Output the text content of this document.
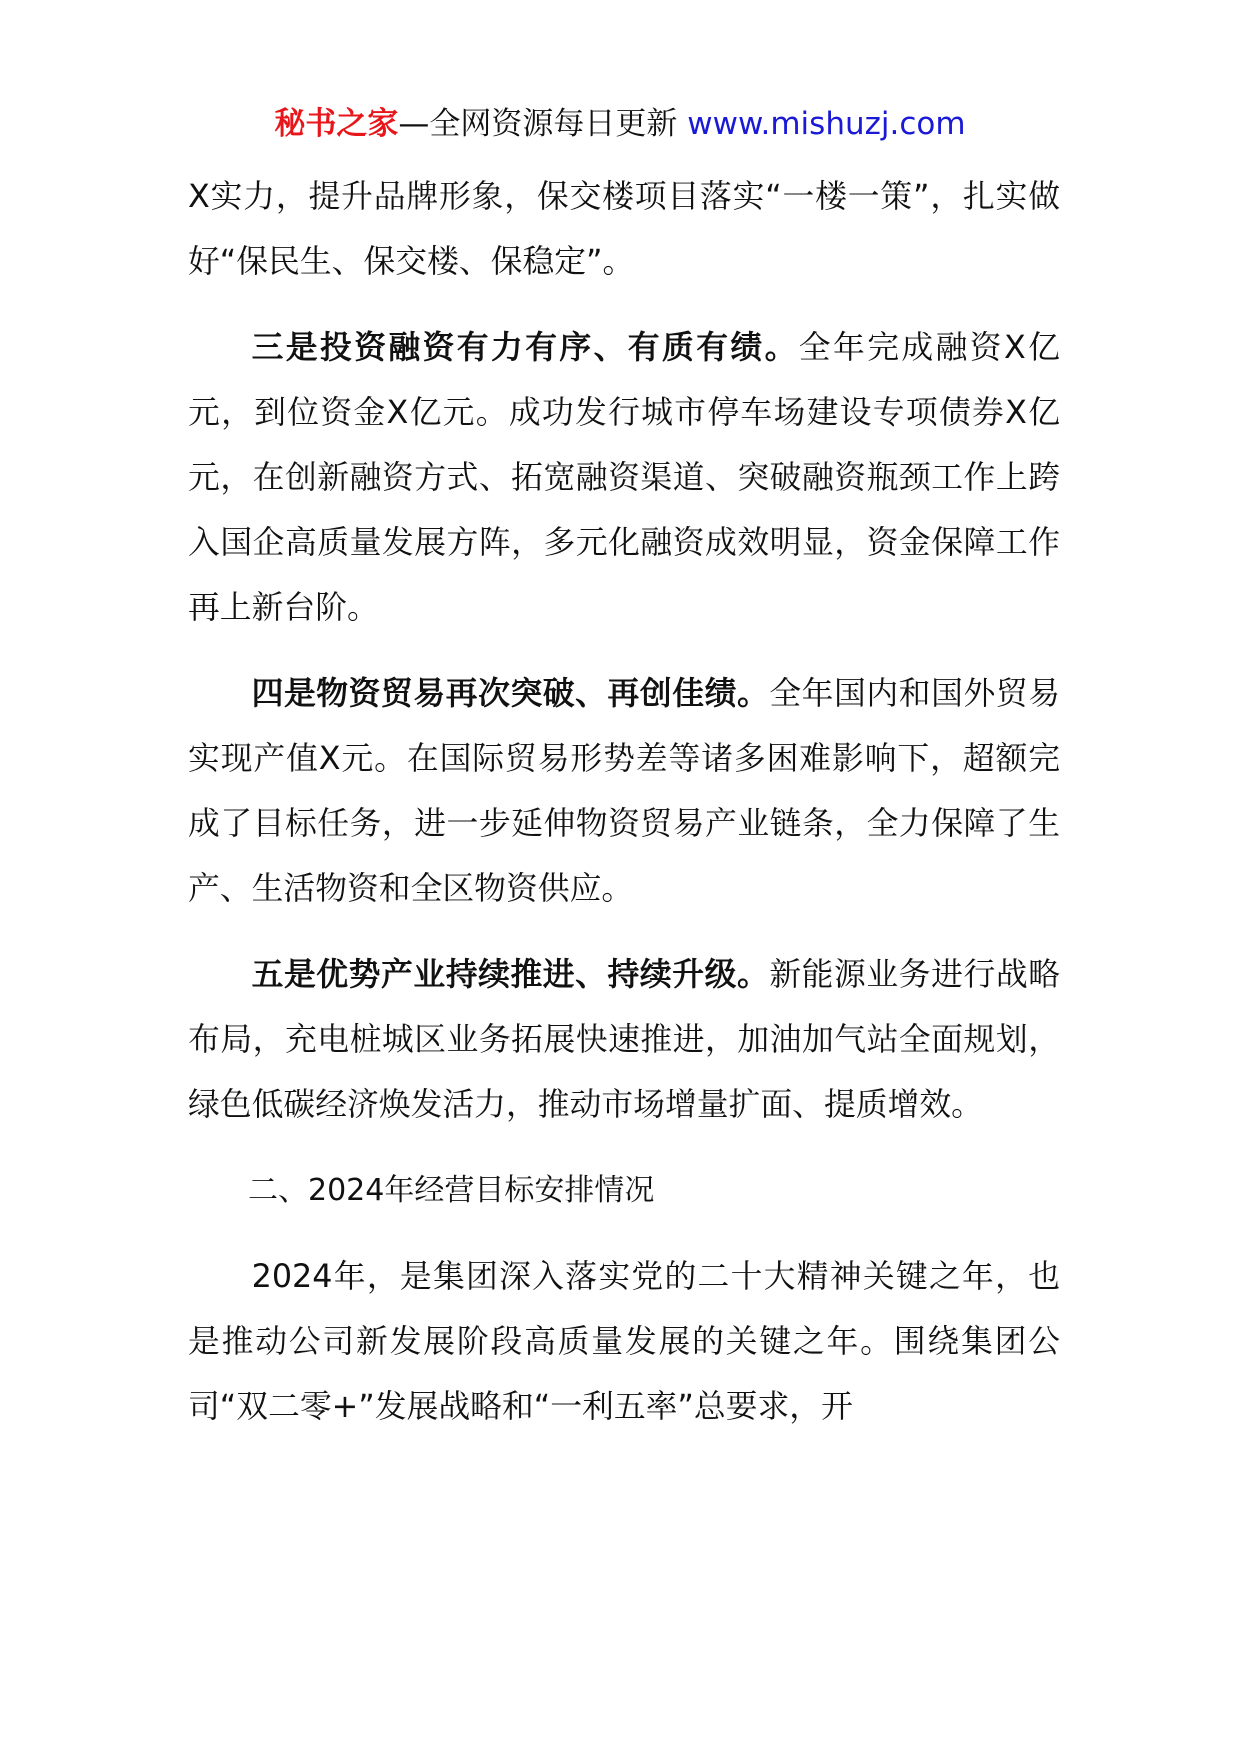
秘书之家—全网资源每日更新 www.mishuzj.com

X实力，提升品牌形象，保交楼项目落实“一楼一策”，扎实做好“保民生、保交楼、保稳定”。

三是投资融资有力有序、有质有绩。全年完成融资X亿元，到位资金X亿元。成功发行城市停车场建设专项债券X亿元，在创新融资方式、拓宽融资渠道、突破融资瓶颈工作上跨入国企高质量发展方阵，多元化融资成效明显，资金保障工作再上新台阶。

四是物资贸易再次突破、再创佳绩。全年国内和国外贸易实现产值X元。在国际贸易形势差等诸多困难影响下，超额完成了目标任务，进一步延伸物资贸易产业链条，全力保障了生产、生活物资和全区物资供应。

五是优势产业持续推进、持续升级。新能源业务进行战略布局，充电桩城区业务拓展快速推进，加油加气站全面规划，绿色低碳经济焕发活力，推动市场增量扩面、提质增效。

二、2024年经营目标安排情况

2024年，是集团深入落实党的二十大精神关键之年，也是推动公司新发展阶段高质量发展的关键之年。围绕集团公司“双二零+”发展战略和“一利五率”总要求，开
